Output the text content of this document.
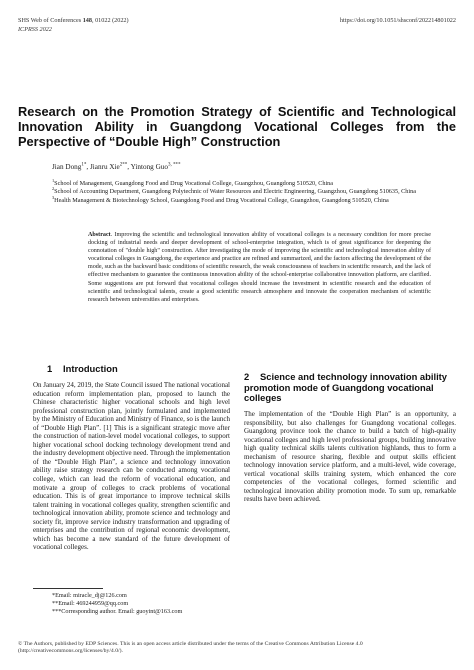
SHS Web of Conferences 148, 01022 (2022)
ICPRSS 2022
https://doi.org/10.1051/shsconf/202214801022
Research on the Promotion Strategy of Scientific and Technological Innovation Ability in Guangdong Vocational Colleges from the Perspective of “Double High” Construction
Jian Dong$^{1*}$, Jianru Xie$^{2**}$, Yintong Guo$^{3, ***}$
$^1$School of Management, Guangdong Food and Drug Vocational College, Guangzhou, Guangdong 510520, China
$^2$School of Accounting Department, Guangdong Polytechnic of Water Resources and Electric Engineering, Guangzhou, Guangdong 510635, China
$^3$Health Management & Biotechnology School, Guangdong Food and Drug Vocational College, Guangzhou, Guangdong 510520, China
Abstract. Improving the scientific and technological innovation ability of vocational colleges is a necessary condition for more precise docking of industrial needs and deeper development of school-enterprise integration, which is of great significance for deepening the connotation of "double high" construction. After investigating the mode of improving the scientific and technological innovation ability of vocational colleges in Guangdong, the experience and practice are refined and summarized, and the factors affecting the development of the mode, such as the backward basic conditions of scientific research, the weak consciousness of teachers in scientific research, and the lack of effective mechanism to guarantee the continuous innovation ability of the school-enterprise collaborative innovation platform, are clarified. Some suggestions are put forward that vocational colleges should increase the investment in scientific research and the education of scientific and technological talents, create a good scientific research atmosphere and innovate the cooperation mechanism of scientific research between universities and enterprises.
1 Introduction
On January 24, 2019, the State Council issued The national vocational education reform implementation plan, proposed to launch the Chinese characteristic higher vocational schools and high level professional construction plan, jointly formulated and implemented by the Ministry of Education and Ministry of Finance, so is the launch of “Double High Plan”. [1] This is a significant strategic move after the construction of nation-level model vocational colleges, to support higher vocational school docking technology development trend and the industry development objective need. Through the implementation of the “Double High Plan”, a science and technology innovation ability raise strategy research can be conducted among vocational college, which can lead the reform of vocational education, and motivate a group of colleges to crack problems of vocational education. This is of great importance to improve technical skills talent training in vocational colleges quality, strengthen scientific and technological innovation ability, promote science and technology and society fit, improve service industry transformation and upgrading of enterprises and the contribution of regional economic development, which has become a new standard of the future development of vocational colleges.
2 Science and technology innovation ability promotion mode of Guangdong vocational colleges
The implementation of the “Double High Plan” is an opportunity, a responsibility, but also challenges for Guangdong vocational colleges. Guangdong province took the chance to build a batch of high-quality vocational colleges and high level professional groups, building innovative high quality technical skills talents cultivation highlands, thus to form a mechanism of resource sharing, flexible and output skills efficient technology innovation service platform, and a multi-level, wide coverage, vertical vocational skills training system, which enhanced the core competencies of the vocational colleges, formed scientific and technological innovation ability promotion mode. To sum up, remarkable results have been achieved.
*Email: miracle_dj@126.com
**Email: 469244959@qq.com
***Corresponding author. Email: guoyint@163.com
© The Authors, published by EDP Sciences. This is an open access article distributed under the terms of the Creative Commons Attribution License 4.0 (http://creativecommons.org/licenses/by/4.0/).
